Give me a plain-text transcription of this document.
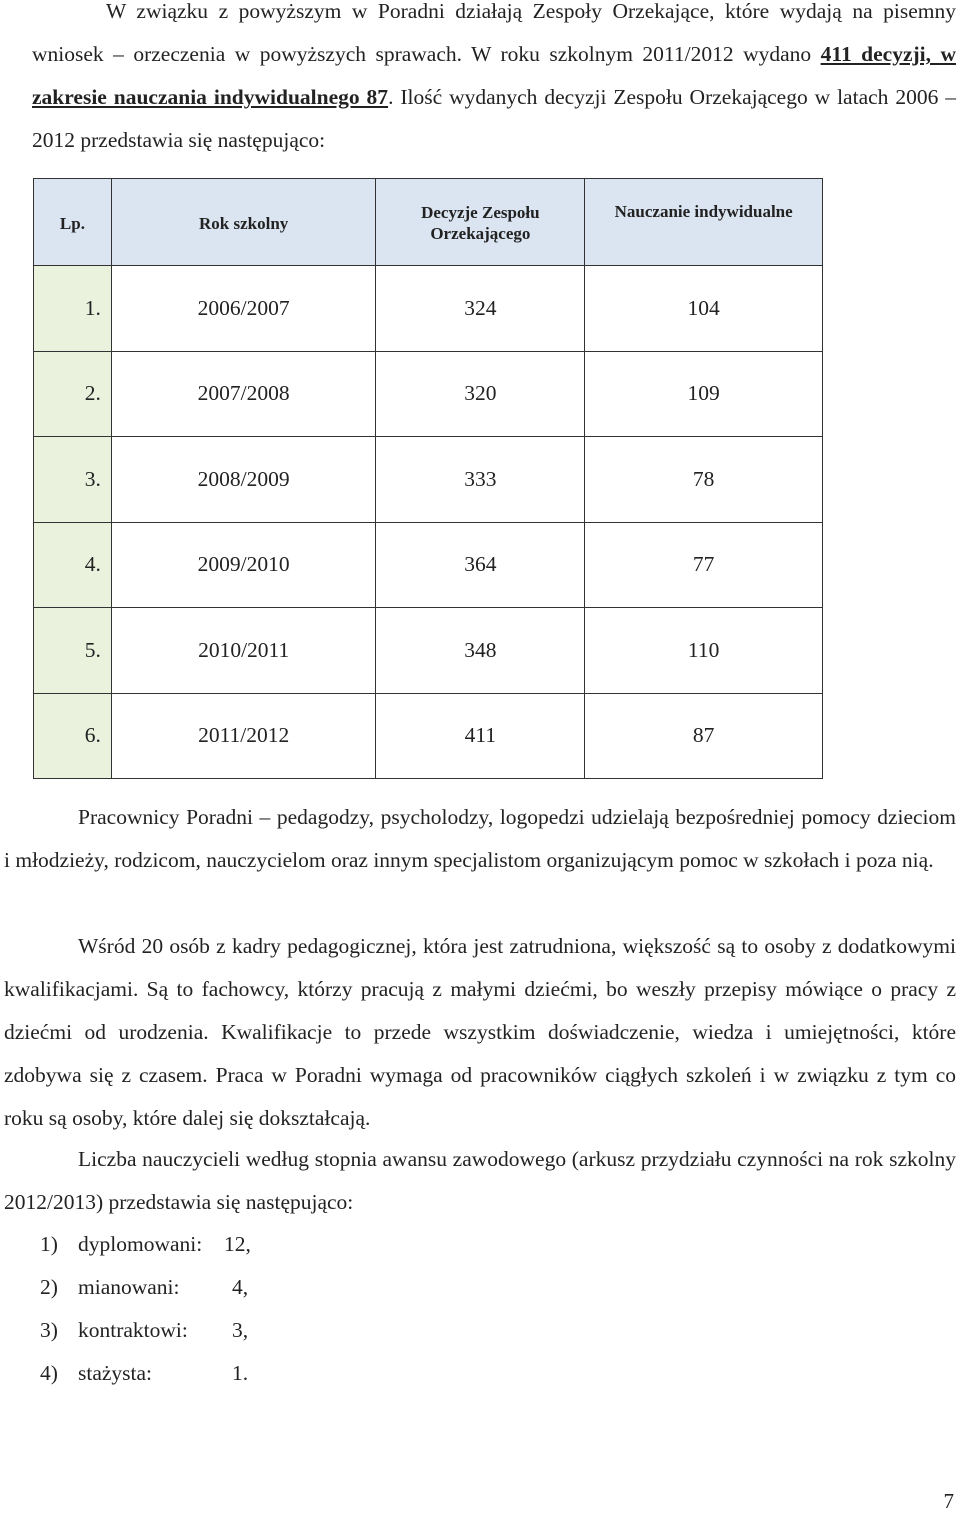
W związku z powyższym w Poradni działają Zespoły Orzekające, które wydają na pisemny wniosek – orzeczenia w powyższych sprawach. W roku szkolnym 2011/2012 wydano 411 decyzji, w zakresie nauczania indywidualnego 87. Ilość wydanych decyzji Zespołu Orzekającego w latach 2006 – 2012 przedstawia się następująco:

Lp.	Rok szkolny	Decyzje Zespołu Orzekającego	Nauczanie indywidualne
1.	2006/2007	324	104
2.	2007/2008	320	109
3.	2008/2009	333	78
4.	2009/2010	364	77
5.	2010/2011	348	110
6.	2011/2012	411	87

Pracownicy Poradni – pedagodzy, psycholodzy, logopedzi udzielają bezpośredniej pomocy dzieciom i młodzieży, rodzicom, nauczycielom oraz innym specjalistom organizującym pomoc w szkołach i poza nią.

Wśród 20 osób z kadry pedagogicznej, która jest zatrudniona, większość są to osoby z dodatkowymi kwalifikacjami. Są to fachowcy, którzy pracują z małymi dziećmi, bo weszły przepisy mówiące o pracy z dziećmi od urodzenia. Kwalifikacje to przede wszystkim doświadczenie, wiedza i umiejętności, które zdobywa się z czasem. Praca w Poradni wymaga od pracowników ciągłych szkoleń i w związku z tym co roku są osoby, które dalej się dokształcają.

Liczba nauczycieli według stopnia awansu zawodowego (arkusz przydziału czynności na rok szkolny 2012/2013) przedstawia się następująco:

1) dyplomowani: 12,
2) mianowani: 4,
3) kontraktowi: 3,
4) stażysta:	1.
7
